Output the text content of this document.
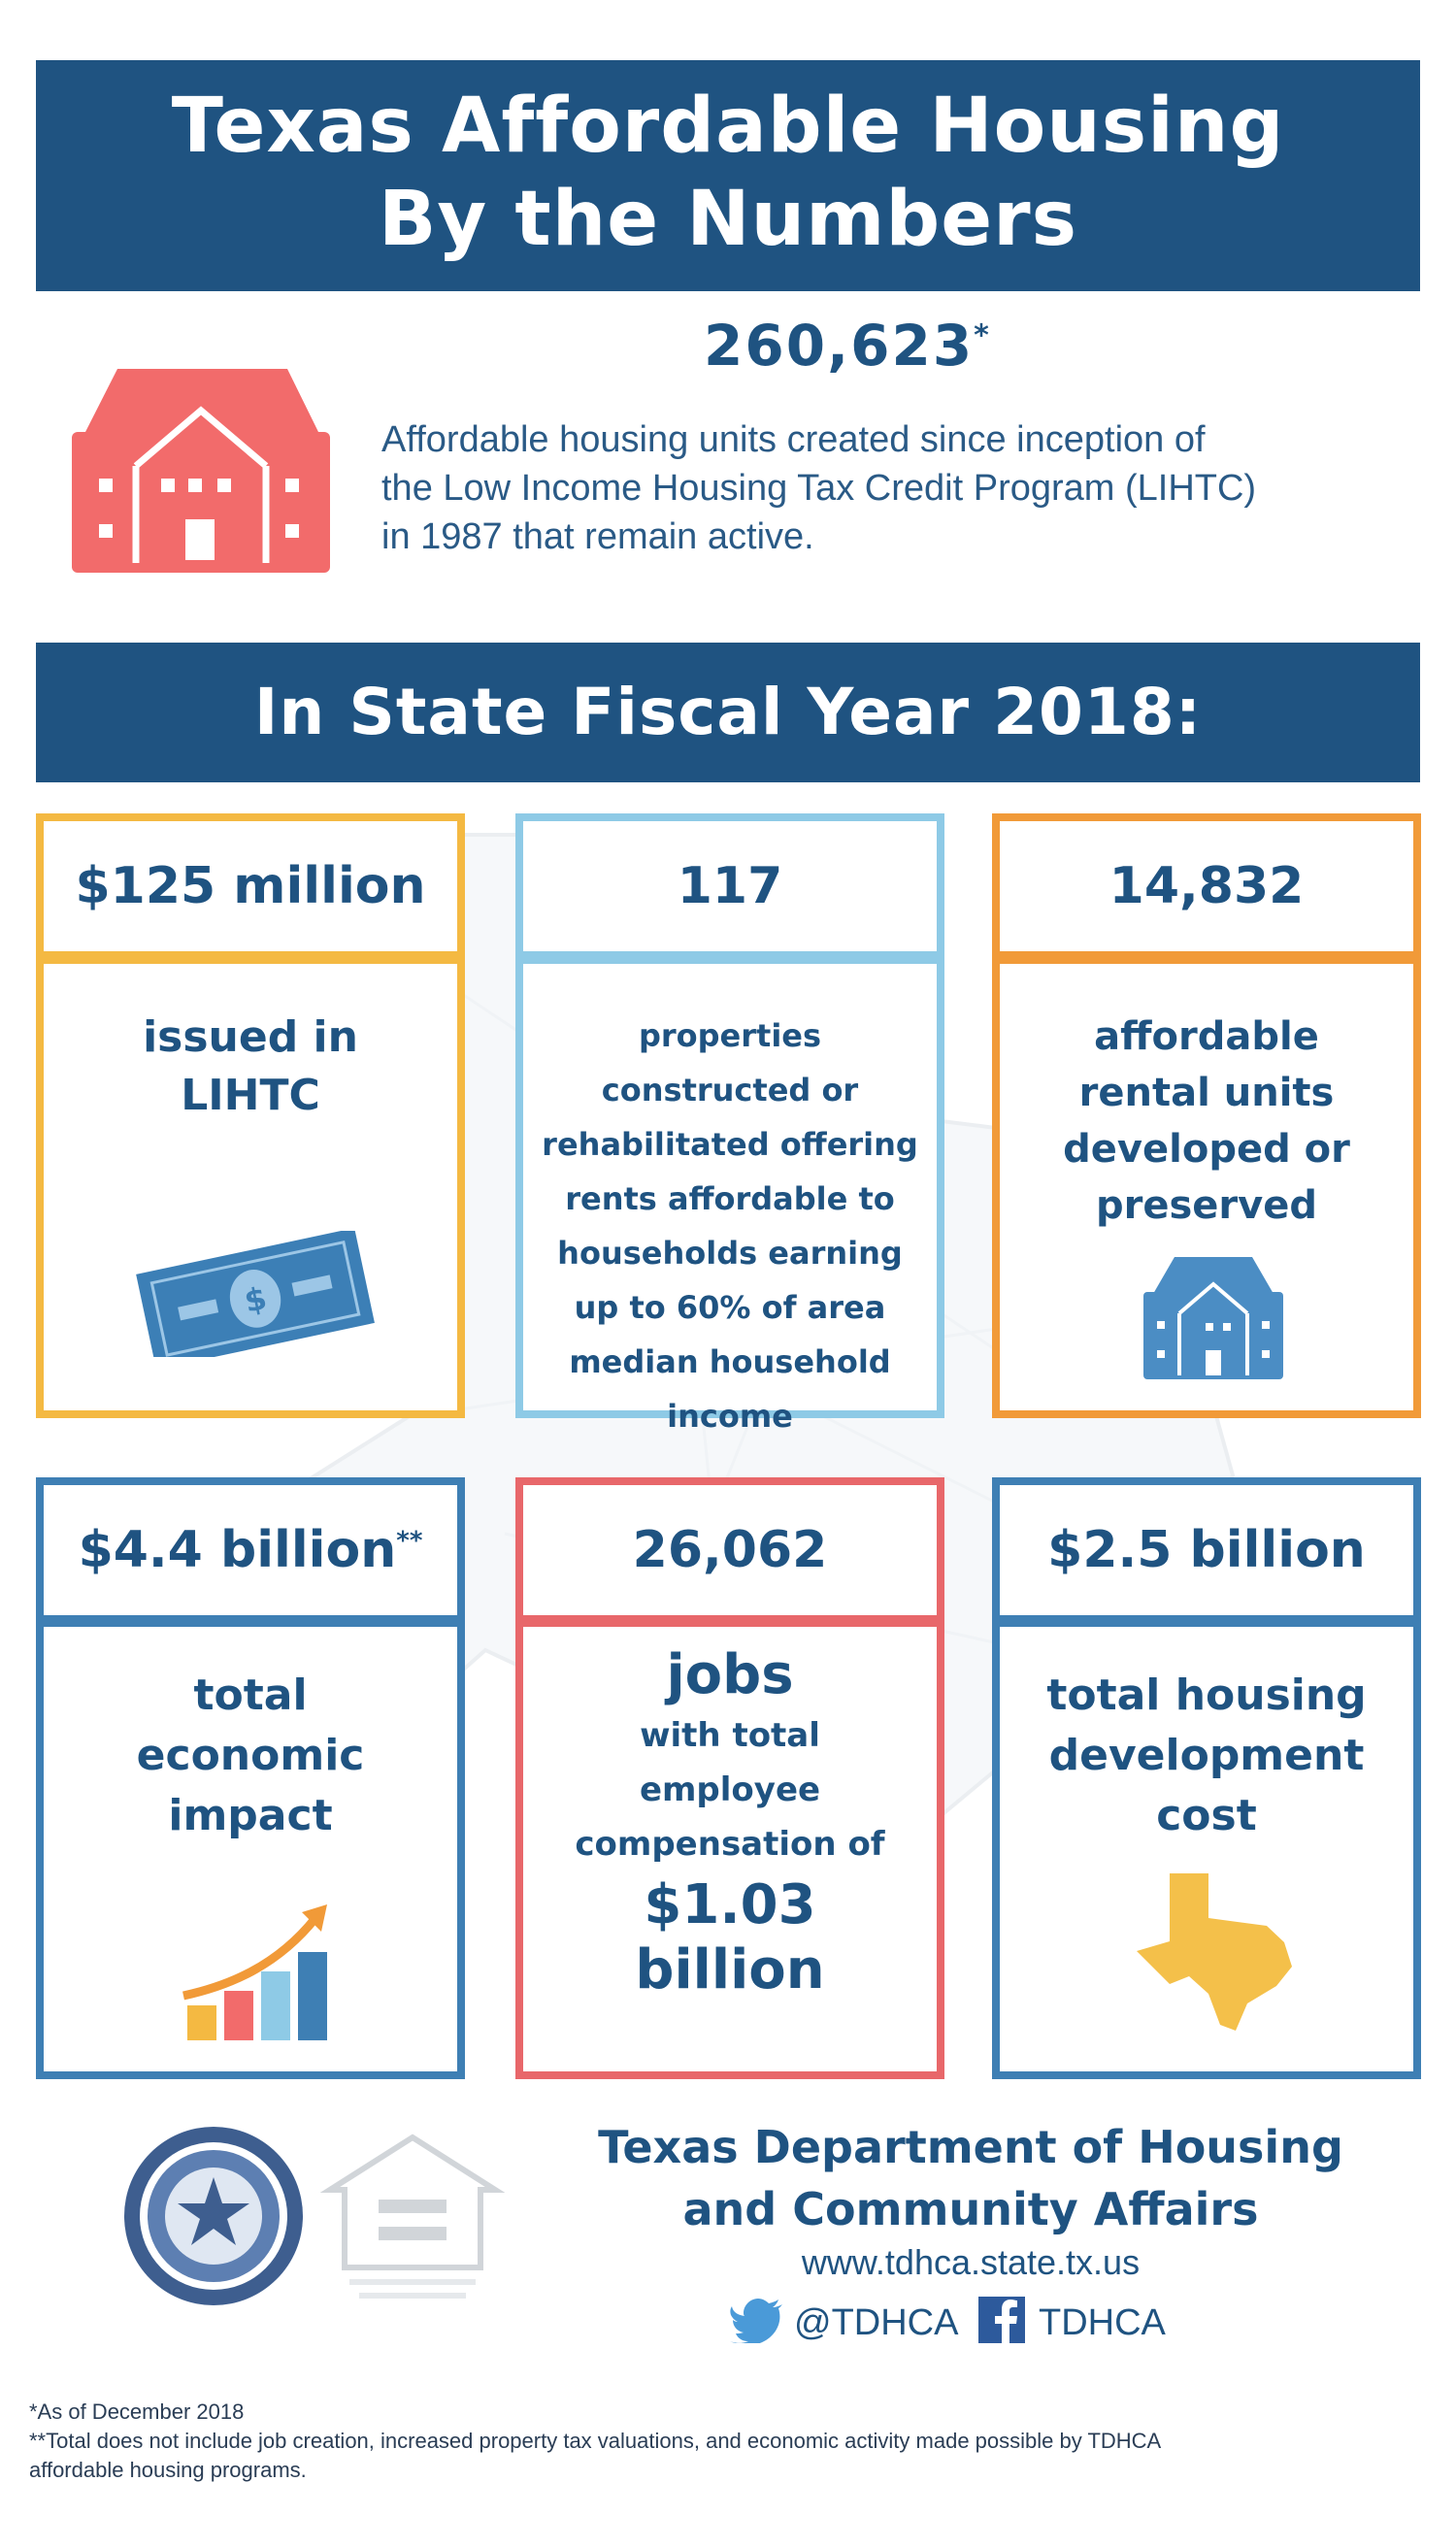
Texas Affordable Housing
By the Numbers
260,623*
Affordable housing units created since inception of
the Low Income Housing Tax Credit Program (LIHTC)
in 1987 that remain active.
In State Fiscal Year 2018:
$125 million
issued in
LIHTC
$
117
properties
constructed or
rehabilitated offering
rents affordable to
households earning
up to 60% of area
median household
income
14,832
affordable
rental units
developed or
preserved
$4.4 billion**
total
economic
impact
26,062
jobs
with total
employee
compensation of
$1.03
billion
$2.5 billion
total housing
development
cost
Texas Department of Housing
and Community Affairs
www.tdhca.state.tx.us
@TDHCA TDHCA
*As of December 2018
**Total does not include job creation, increased property tax valuations, and economic activity made possible by TDHCA
affordable housing programs.
